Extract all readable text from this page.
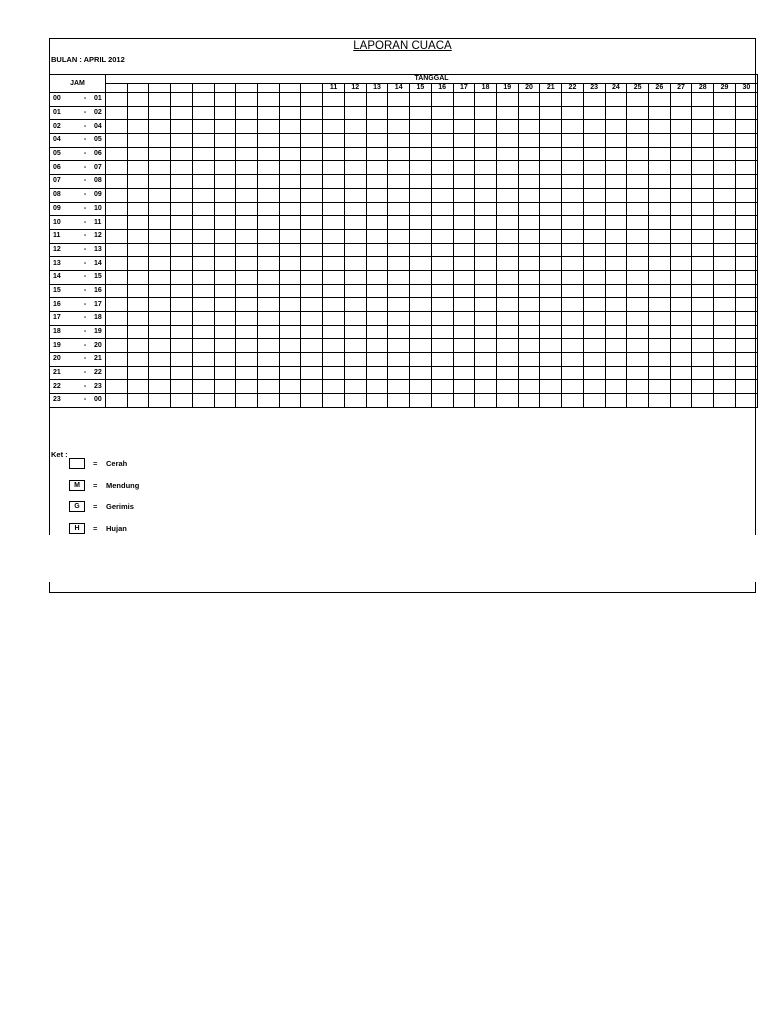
LAPORAN CUACA
BULAN : APRIL 2012
JAM	TANGGAL																													
											11	12	13	14	15	16	17	18	19	20	21	22	23	24	25	26	27	28	29	30
00 - 01																														
01 - 02																														
02 - 04																														
04 - 05																														
05 - 06																														
06 - 07																														
07 - 08																														
08 - 09																														
09 - 10																														
10 - 11																														
11 - 12																														
12 - 13																														
13 - 14																														
14 - 15																														
15 - 16																														
16 - 17																														
17 - 18																														
18 - 19																														
19 - 20																														
20 - 21																														
21 - 22																														
22 - 23																														
23 - 00																														
Ket :
= Cerah
M	= Mendung
G	= Gerimis
H	= Hujan
